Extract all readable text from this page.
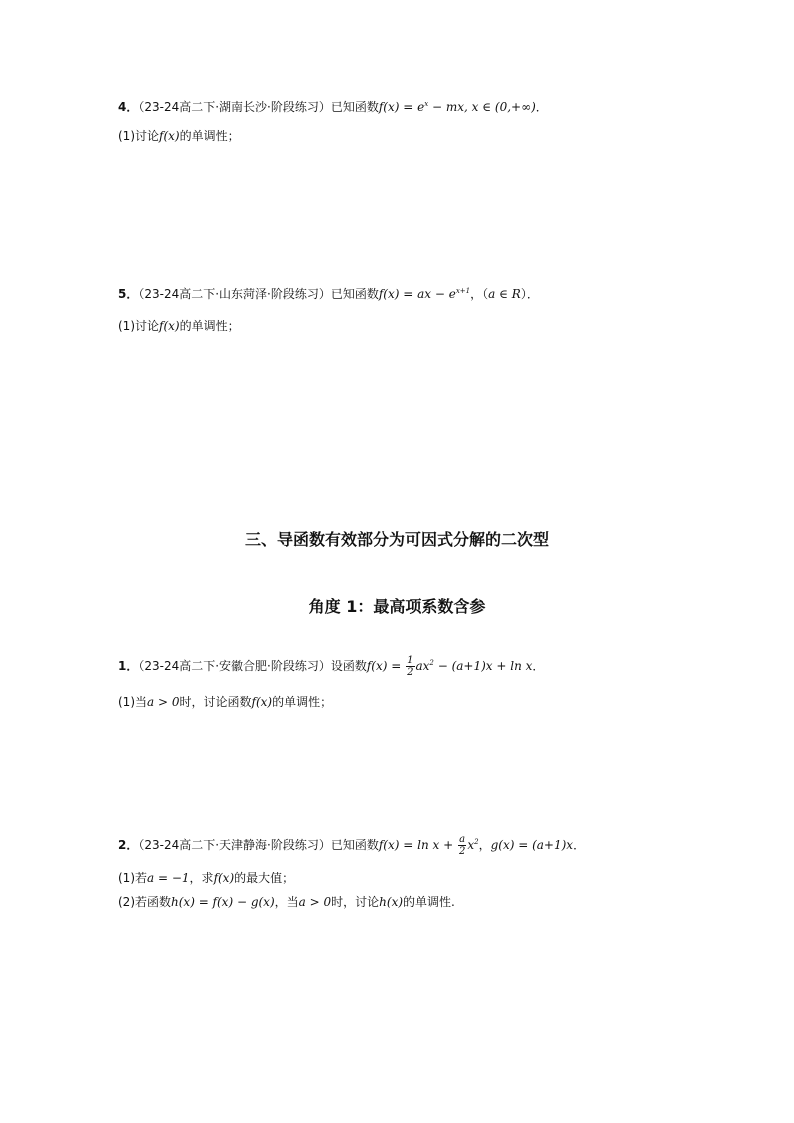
4．（23-24高二下·湖南长沙·阶段练习）已知函数$f(x) = e^x$ − mx, x ∈ (0,+∞)．
(1)讨论f(x)的单调性；
5．（23-24高二下·山东菏泽·阶段练习）已知函数f(x) = ax − $e^{x+1}$，（a ∈ R）．
(1)讨论f(x)的单调性；
三、导函数有效部分为可因式分解的二次型
角度 1：最高项系数含参
1．（23-24高二下·安徽合肥·阶段练习）设函数$f(x) = \frac{1}{2} ax^2 - (a+1)x + \ln x$．
(1)当a > 0时，讨论函数f(x)的单调性；
2．（23-24高二下·天津静海·阶段练习）已知函数$f(x) = \ln x + \frac{a}{2} x^2$，g(x) = (a+1)x．
(1)若a = −1，求f(x)的最大值；
(2)若函数h(x) = f(x) − g(x)，当a > 0时，讨论h(x)的单调性.
